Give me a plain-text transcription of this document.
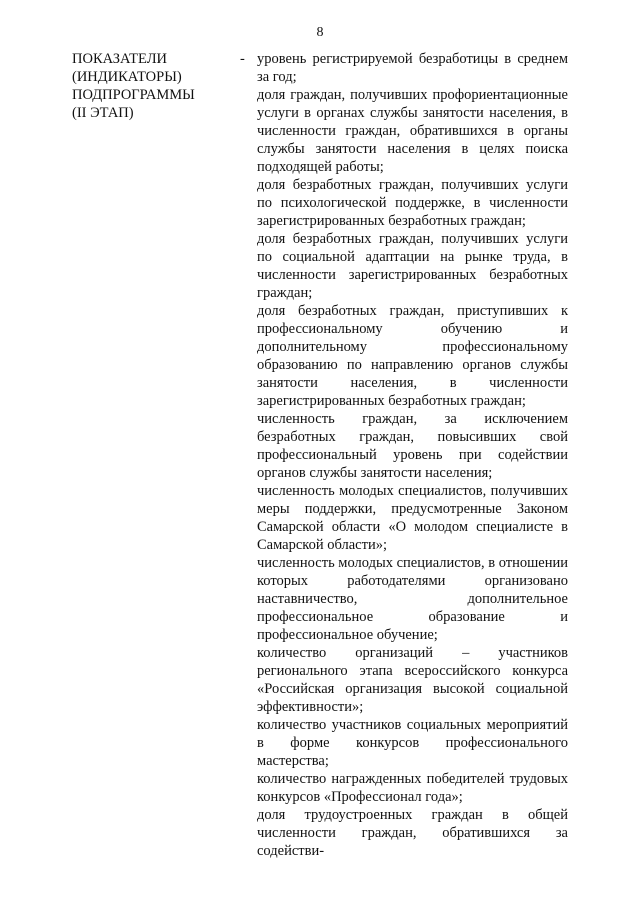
8
ПОКАЗАТЕЛИ
(ИНДИКАТОРЫ)
ПОДПРОГРАММЫ
(II ЭТАП)
- уровень регистрируемой безработицы в среднем за год;

доля граждан, получивших профориентационные услуги в органах службы занятости населения, в численности граждан, обратившихся в органы службы занятости населения в целях поиска подходящей работы;

доля безработных граждан, получивших услуги по психологической поддержке, в численности зарегистрированных безработных граждан;

доля безработных граждан, получивших услуги по социальной адаптации на рынке труда, в численности зарегистрированных безработных граждан;

доля безработных граждан, приступивших к профессиональному обучению и дополнительному профессиональному образованию по направлению органов службы занятости населения, в численности зарегистрированных безработных граждан;

численность граждан, за исключением безработных граждан, повысивших свой профессиональный уровень при содействии органов службы занятости населения;

численность молодых специалистов, получивших меры поддержки, предусмотренные Законом Самарской области «О молодом специалисте в Самарской области»;

численность молодых специалистов, в отношении которых работодателями организовано наставничество, дополнительное профессиональное образование и профессиональное обучение;

количество организаций – участников регионального этапа всероссийского конкурса «Российская организация высокой социальной эффективности»;

количество участников социальных мероприятий в форме конкурсов профессионального мастерства;

количество награжденных победителей трудовых конкурсов «Профессионал года»;

доля трудоустроенных граждан в общей численности граждан, обратившихся за содействи-
